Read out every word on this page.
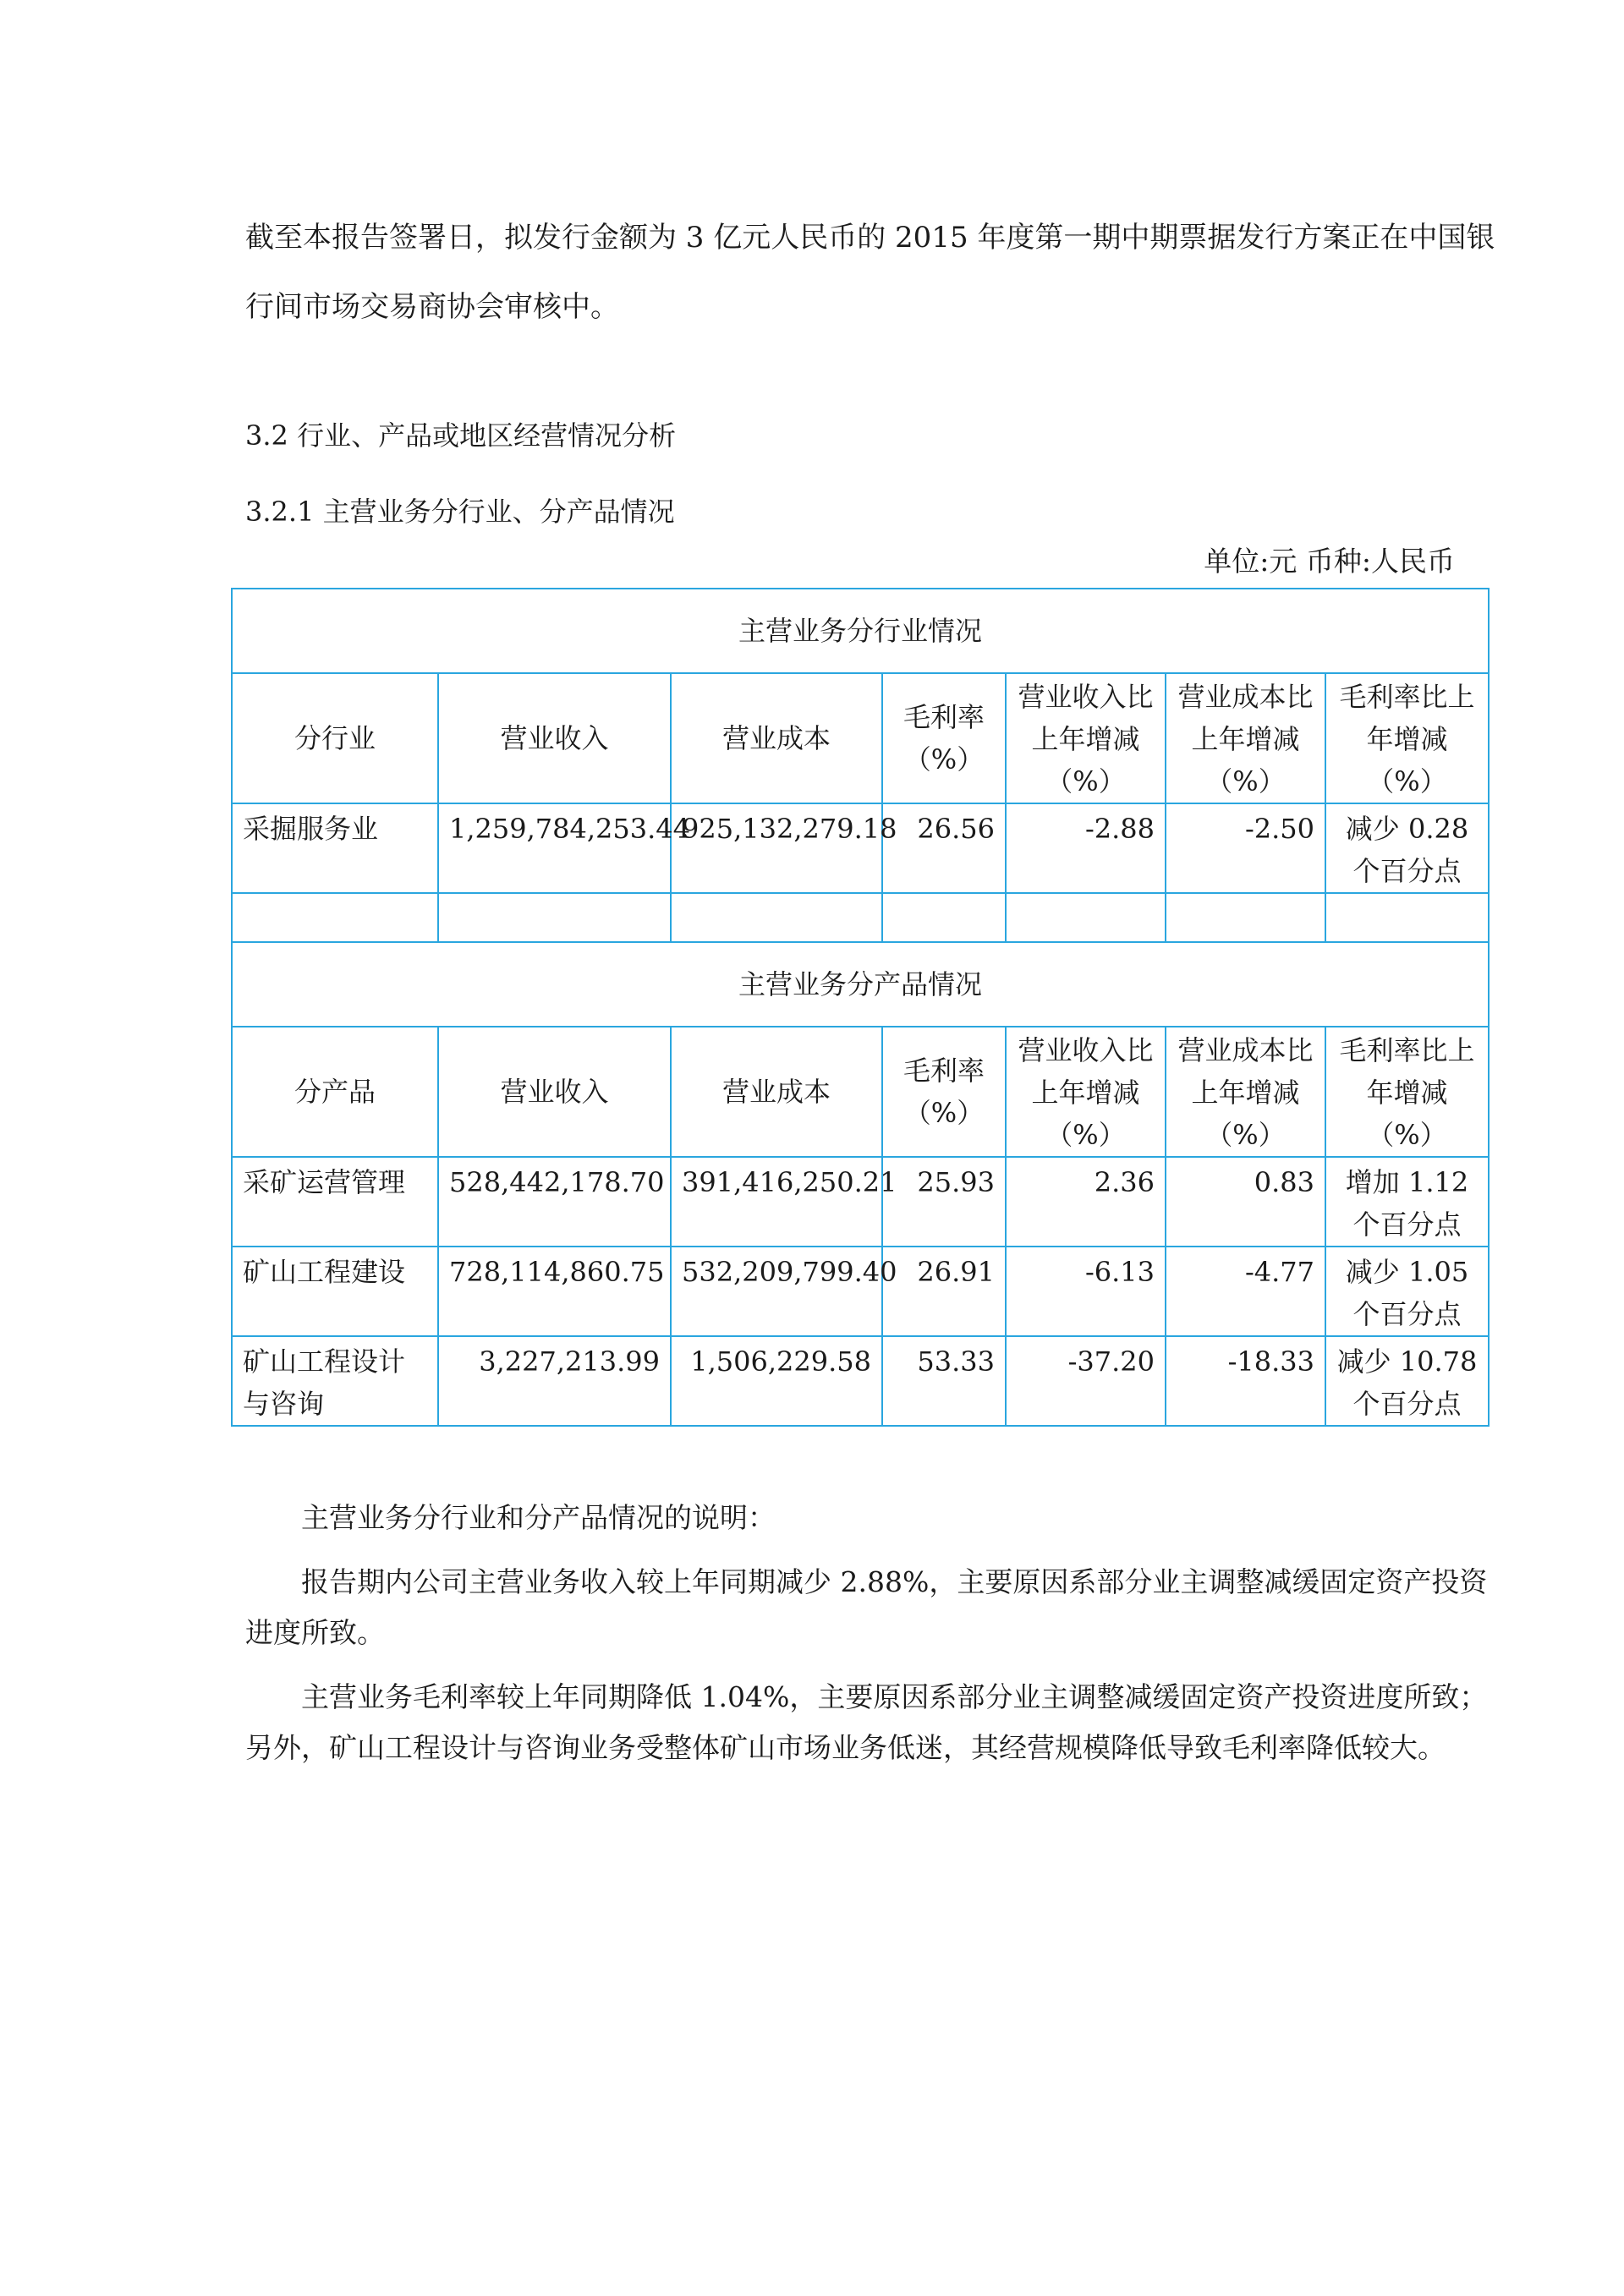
截至本报告签署日，拟发行金额为 3 亿元人民币的 2015 年度第一期中期票据发行方案正在中国银
行间市场交易商协会审核中。
3.2 行业、产品或地区经营情况分析
3.2.1 主营业务分行业、分产品情况
单位:元 币种:人民币
主营业务分行业情况						
分行业	营业收入	营业成本	毛利率（%）	营业收入比上年增减（%）	营业成本比上年增减（%）	毛利率比上年增减（%）
采掘服务业	1,259,784,253.44	925,132,279.18	26.56	-2.88	-2.50	减少 0.28 个百分点

主营业务分产品情况						
分产品	营业收入	营业成本	毛利率（%）	营业收入比上年增减（%）	营业成本比上年增减（%）	毛利率比上年增减（%）
采矿运营管理	528,442,178.70	391,416,250.21	25.93	2.36	0.83	增加 1.12 个百分点
矿山工程建设	728,114,860.75	532,209,799.40	26.91	-6.13	-4.77	减少 1.05 个百分点
矿山工程设计与咨询	3,227,213.99	1,506,229.58	53.33	-37.20	-18.33	减少 10.78 个百分点

主营业务分行业和分产品情况的说明：

报告期内公司主营业务收入较上年同期减少 2.88%，主要原因系部分业主调整减缓固定资产投资进度所致。

主营业务毛利率较上年同期降低 1.04%，主要原因系部分业主调整减缓固定资产投资进度所致；另外，矿山工程设计与咨询业务受整体矿山市场业务低迷，其经营规模降低导致毛利率降低较大。
